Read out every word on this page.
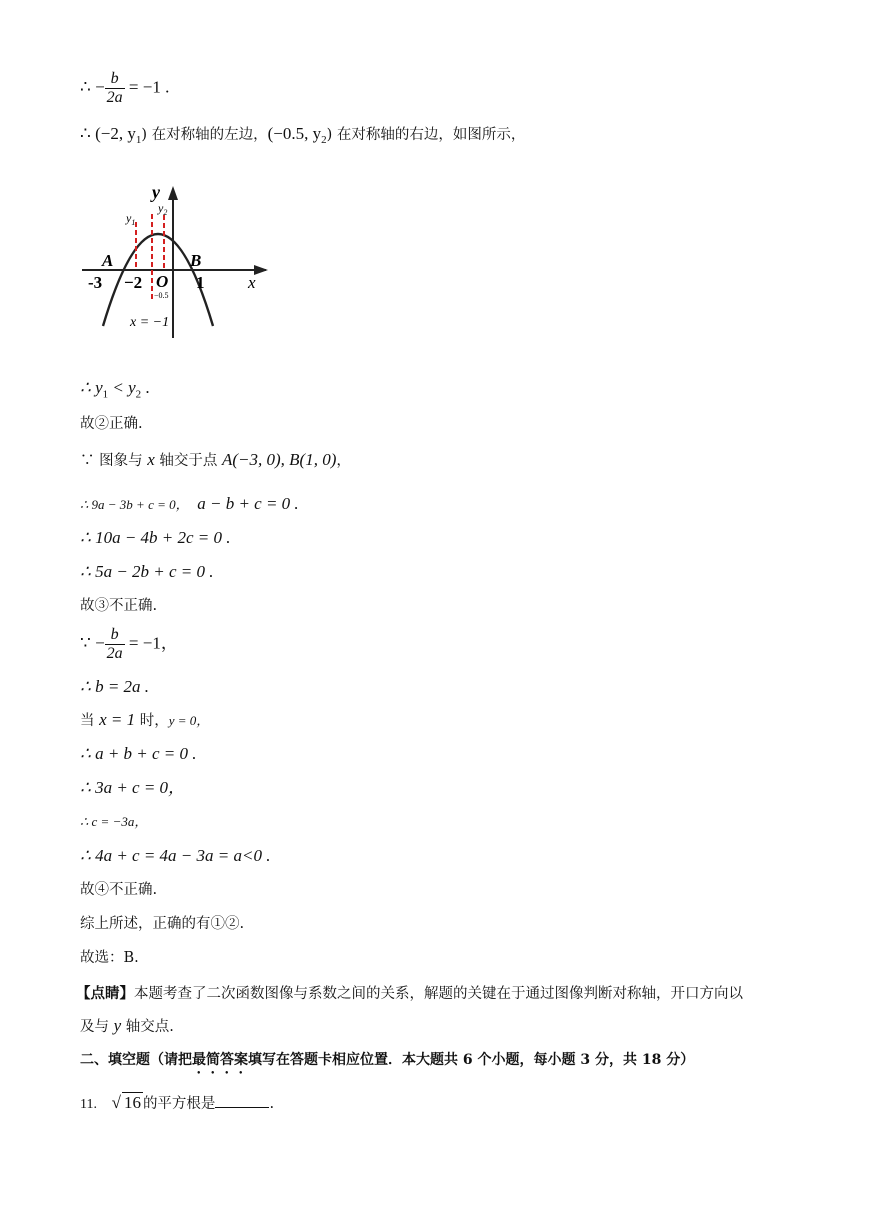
∴ − $\frac{b}{2a} = -1$ .
∴ (−2, $y_1$) 在对称轴的左边，(−0.5, $y_2$) 在对称轴的右边，如图所示，
y
$y_1$
$y_2$
A	B
O
-3 −2	1
−0.5
x
x = −1
∴ $y_1 < y_2$ .
故②正确.
∵ 图象与 x 轴交于点 A(−3, 0), B(1, 0)，
∴ 9a − 3b + c = 0， a − b + c = 0 .
∴ 10a − 4b + 2c = 0 .
∴ 5a − 2b + c = 0 .
故③不正确.
∵ − $\frac{b}{2a} = -1$，
∴ b = 2a .
当 x = 1 时，y = 0，
∴ a + b + c = 0 .
∴ 3a + c = 0，
∴ c = −3a，
∴ 4a + c = 4a − 3a = a<0 .
故④不正确.
综上所述，正确的有①②.
故选：B.
【点睛】本题考查了二次函数图像与系数之间的关系，解题的关键在于通过图像判断对称轴，开口方向以
及与 y 轴交点.
二、填空题（请把最简答案填写在答题卡相应位置．本大题共 6 个小题，每小题 3 分，共 18 分）
11. √ 16 的平方根是	.
